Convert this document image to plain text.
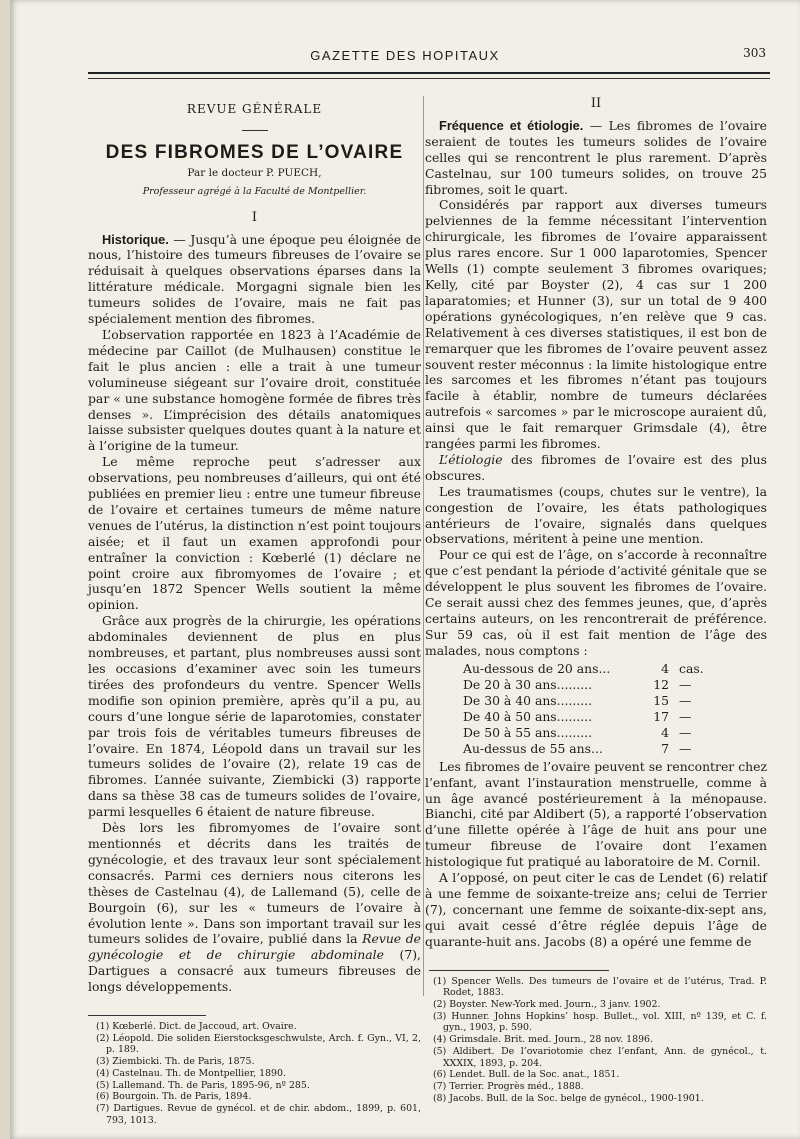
GAZETTE DES HOPITAUX	303
REVUE GÉNÉRALE
DES FIBROMES DE L’OVAIRE
Par le docteur P. PUECH,
Professeur agrégé à la Faculté de Montpellier.
I

Historique. — Jusqu’à une époque peu éloignée de nous, l’histoire des tumeurs fibreuses de l’ovaire se réduisait à quelques observations éparses dans la littérature médicale. Morgagni signale bien les tumeurs solides de l’ovaire, mais ne fait pas spécialement mention des fibromes.

L’observation rapportée en 1823 à l’Académie de médecine par Caillot (de Mulhausen) constitue le fait le plus ancien : elle a trait à une tumeur volumineuse siégeant sur l’ovaire droit, constituée par « une substance homogène formée de fibres très denses ». L’imprécision des détails anatomiques laisse subsister quelques doutes quant à la nature et à l’origine de la tumeur.

Le même reproche peut s’adresser aux observations, peu nombreuses d’ailleurs, qui ont été publiées en premier lieu : entre une tumeur fibreuse de l’ovaire et certaines tumeurs de même nature venues de l’utérus, la distinction n’est point toujours aisée; et il faut un examen approfondi pour entraîner la conviction : Kœberlé (1) déclare ne point croire aux fibromyomes de l’ovaire ; et jusqu’en 1872 Spencer Wells soutient la même opinion.

Grâce aux progrès de la chirurgie, les opérations abdominales deviennent de plus en plus nombreuses, et partant, plus nombreuses aussi sont les occasions d’examiner avec soin les tumeurs tirées des profondeurs du ventre. Spencer Wells modifie son opinion première, après qu’il a pu, au cours d’une longue série de laparotomies, constater par trois fois de véritables tumeurs fibreuses de l’ovaire. En 1874, Léopold dans un travail sur les tumeurs solides de l’ovaire (2), relate 19 cas de fibromes. L’année suivante, Ziembicki (3) rapporte dans sa thèse 38 cas de tumeurs solides de l’ovaire, parmi lesquelles 6 étaient de nature fibreuse.

Dès lors les fibromyomes de l’ovaire sont mentionnés et décrits dans les traités de gynécologie, et des travaux leur sont spécialement consacrés. Parmi ces derniers nous citerons les thèses de Castelnau (4), de Lallemand (5), celle de Bourgoin (6), sur les « tumeurs de l’ovaire à évolution lente ». Dans son important travail sur les tumeurs solides de l’ovaire, publié dans la Revue de gynécologie et de chirurgie abdominale (7), Dartigues a consacré aux tumeurs fibreuses de longs développements.

(1) Kœberlé. Dict. de Jaccoud, art. Ovaire.
(2) Léopold. Die soliden Eierstocksgeschwulste, Arch. f. Gyn., VI, 2, p. 189.
(3) Ziembicki. Th. de Paris, 1875.
(4) Castelnau. Th. de Montpellier, 1890.
(5) Lallemand. Th. de Paris, 1895-96, nº 285.
(6) Bourgoin. Th. de Paris, 1894.
(7) Dartigues. Revue de gynécol. et de chir. abdom., 1899, p. 601, 793, 1013.
II

Fréquence et étiologie. — Les fibromes de l’ovaire seraient de toutes les tumeurs solides de l’ovaire celles qui se rencontrent le plus rarement. D’après Castelnau, sur 100 tumeurs solides, on trouve 25 fibromes, soit le quart.

Considérés par rapport aux diverses tumeurs pelviennes de la femme nécessitant l’intervention chirurgicale, les fibromes de l’ovaire apparaissent plus rares encore. Sur 1 000 laparotomies, Spencer Wells (1) compte seulement 3 fibromes ovariques; Kelly, cité par Boyster (2), 4 cas sur 1 200 laparatomies; et Hunner (3), sur un total de 9 400 opérations gynécologiques, n’en relève que 9 cas. Relativement à ces diverses statistiques, il est bon de remarquer que les fibromes de l’ovaire peuvent assez souvent rester méconnus : la limite histologique entre les sarcomes et les fibromes n’étant pas toujours facile à établir, nombre de tumeurs déclarées autrefois « sarcomes » par le microscope auraient dû, ainsi que le fait remarquer Grimsdale (4), être rangées parmi les fibromes.

L’étiologie des fibromes de l’ovaire est des plus obscures.

Les traumatismes (coups, chutes sur le ventre), la congestion de l’ovaire, les états pathologiques antérieurs de l’ovaire, signalés dans quelques observations, méritent à peine une mention.

Pour ce qui est de l’âge, on s’accorde à reconnaître que c’est pendant la période d’activité génitale que se développent le plus souvent les fibromes de l’ovaire. Ce serait aussi chez des femmes jeunes, que, d’après certains auteurs, on les rencontrerait de préférence. Sur 59 cas, où il est fait mention de l’âge des malades, nous comptons :

Au-dessous de 20 ans...	4	cas.
De 20 à 30 ans.........	12	—
De 30 à 40 ans.........	15	—
De 40 à 50 ans.........	17	—
De 50 à 55 ans.........	4	—
Au-dessus de 55 ans...	7	—

Les fibromes de l’ovaire peuvent se rencontrer chez l’enfant, avant l’instauration menstruelle, comme à un âge avancé postérieurement à la ménopause. Bianchi, cité par Aldibert (5), a rapporté l’observation d’une fillette opérée à l’âge de huit ans pour une tumeur fibreuse de l’ovaire dont l’examen histologique fut pratiqué au laboratoire de M. Cornil.

A l’opposé, on peut citer le cas de Lendet (6) relatif à une femme de soixante-treize ans; celui de Terrier (7), concernant une femme de soixante-dix-sept ans, qui avait cessé d’être réglée depuis l’âge de quarante-huit ans. Jacobs (8) a opéré une femme de

(1) Spencer Wells. Des tumeurs de l’ovaire et de l’utérus, Trad. P. Rodet, 1883.
(2) Boyster. New-York med. Journ., 3 janv. 1902.
(3) Hunner. Johns Hopkins’ hosp. Bullet., vol. XIII, nº 139, et C. f. gyn., 1903, p. 590.
(4) Grimsdale. Brit. med. Journ., 28 nov. 1896.
(5) Aldibert. De l’ovariotomie chez l’enfant, Ann. de gynécol., t. XXXIX, 1893, p. 204.
(6) Lendet. Bull. de la Soc. anat., 1851.
(7) Terrier. Progrès méd., 1888.
(8) Jacobs. Bull. de la Soc. belge de gynécol., 1900-1901.
